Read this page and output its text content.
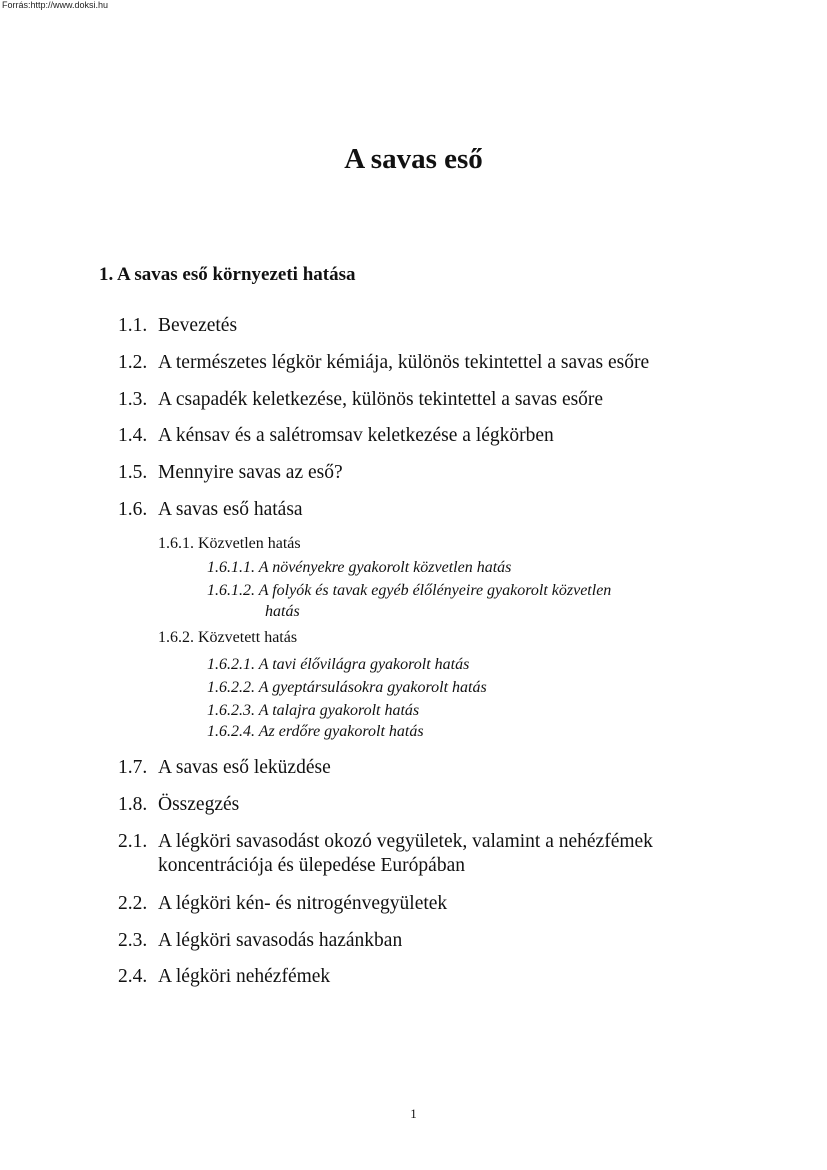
Forrás:http://www.doksi.hu
A savas eső
1. A savas eső környezeti hatása
1.1. Bevezetés
1.2. A természetes légkör kémiája, különös tekintettel a savas esőre
1.3. A csapadék keletkezése, különös tekintettel a savas esőre
1.4. A kénsav és a salétromsav keletkezése a légkörben
1.5. Mennyire savas az eső?
1.6. A savas eső hatása
1.6.1. Közvetlen hatás
1.6.1.1. A növényekre gyakorolt közvetlen hatás
1.6.1.2. A folyók és tavak egyéb élőlényeire gyakorolt közvetlen
hatás
1.6.2. Közvetett hatás
1.6.2.1. A tavi élővilágra gyakorolt hatás
1.6.2.2. A gyeptársulásokra gyakorolt hatás
1.6.2.3. A talajra gyakorolt hatás
1.6.2.4. Az erdőre gyakorolt hatás
1.7. A savas eső leküzdése
1.8. Összegzés
2.1. A légköri savasodást okozó vegyületek, valamint a nehézfémek
koncentrációja és ülepedése Európában
2.2. A légköri kén- és nitrogénvegyületek
2.3. A légköri savasodás hazánkban
2.4. A légköri nehézfémek
1
